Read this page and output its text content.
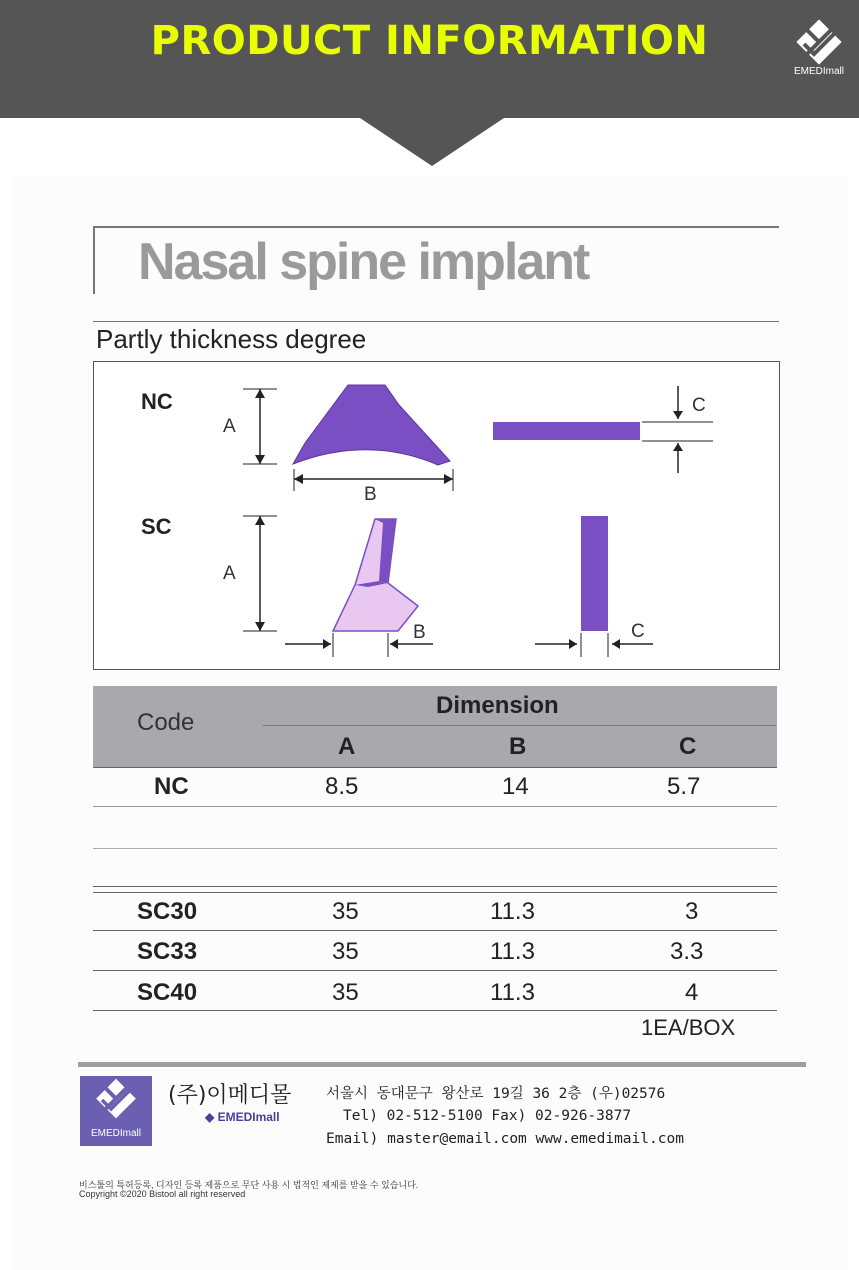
PRODUCT INFORMATION
EMEDImall
Nasal spine implant
Partly thickness degree
NC
SC
A
B
C
A
B	C
Code
Dimension
A	B	C
NC	8.5	14	5.7
SC30	35	11.3	3
SC33	35	11.3	3.3
SC40	35	11.3	4
1EA/BOX
EMEDImall
(주)이메디몰
◆ EMEDImall
서울시 동대문구 왕산로 19길 36 2층 (우)02576
Tel) 02-512-5100 Fax) 02-926-3877
Email) master@email.com www.emedimail.com
비스툴의 특허등록, 디자인 등록 제품으로 무단 사용 시 법적인 제제를 받을 수 있습니다.
Copyright ©2020 Bistool all right reserved
